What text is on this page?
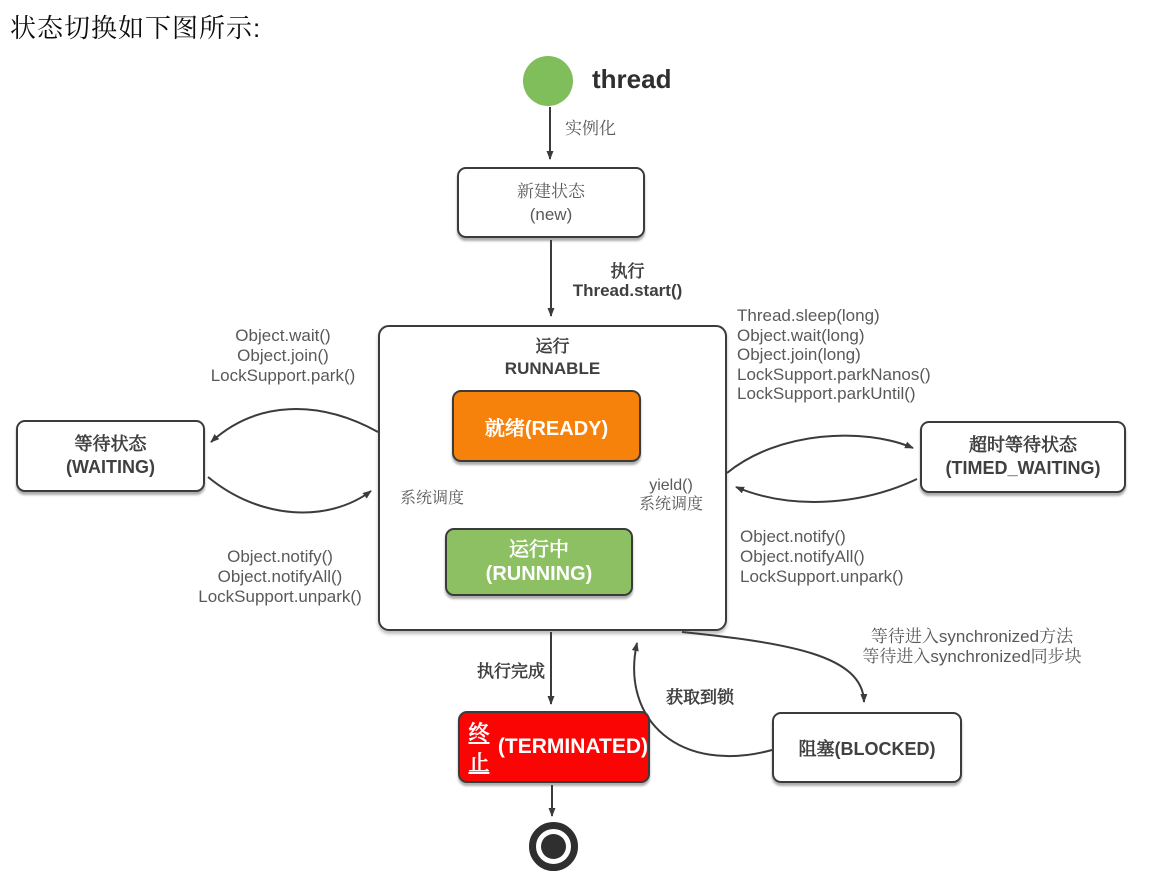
状态切换如下图所示:
thread
新建状态
(new)
运行
RUNNABLE
就绪(READY)
运行中
(RUNNING)
等待状态
(WAITING)
超时等待状态
(TIMED_WAITING)
终止
(TERMINATED)	阻塞(BLOCKED)
实例化
执行
Thread.start()
系统调度
yield()
系统调度
Object.wait()
Object.join()
LockSupport.park()
Object.notify()
Object.notifyAll()
LockSupport.unpark()
Thread.sleep(long)
Object.wait(long)
Object.join(long)
LockSupport.parkNanos()
LockSupport.parkUntil()
Object.notify()
Object.notifyAll()
LockSupport.unpark()
执行完成
获取到锁
等待进入synchronized方法
等待进入synchronized同步块
